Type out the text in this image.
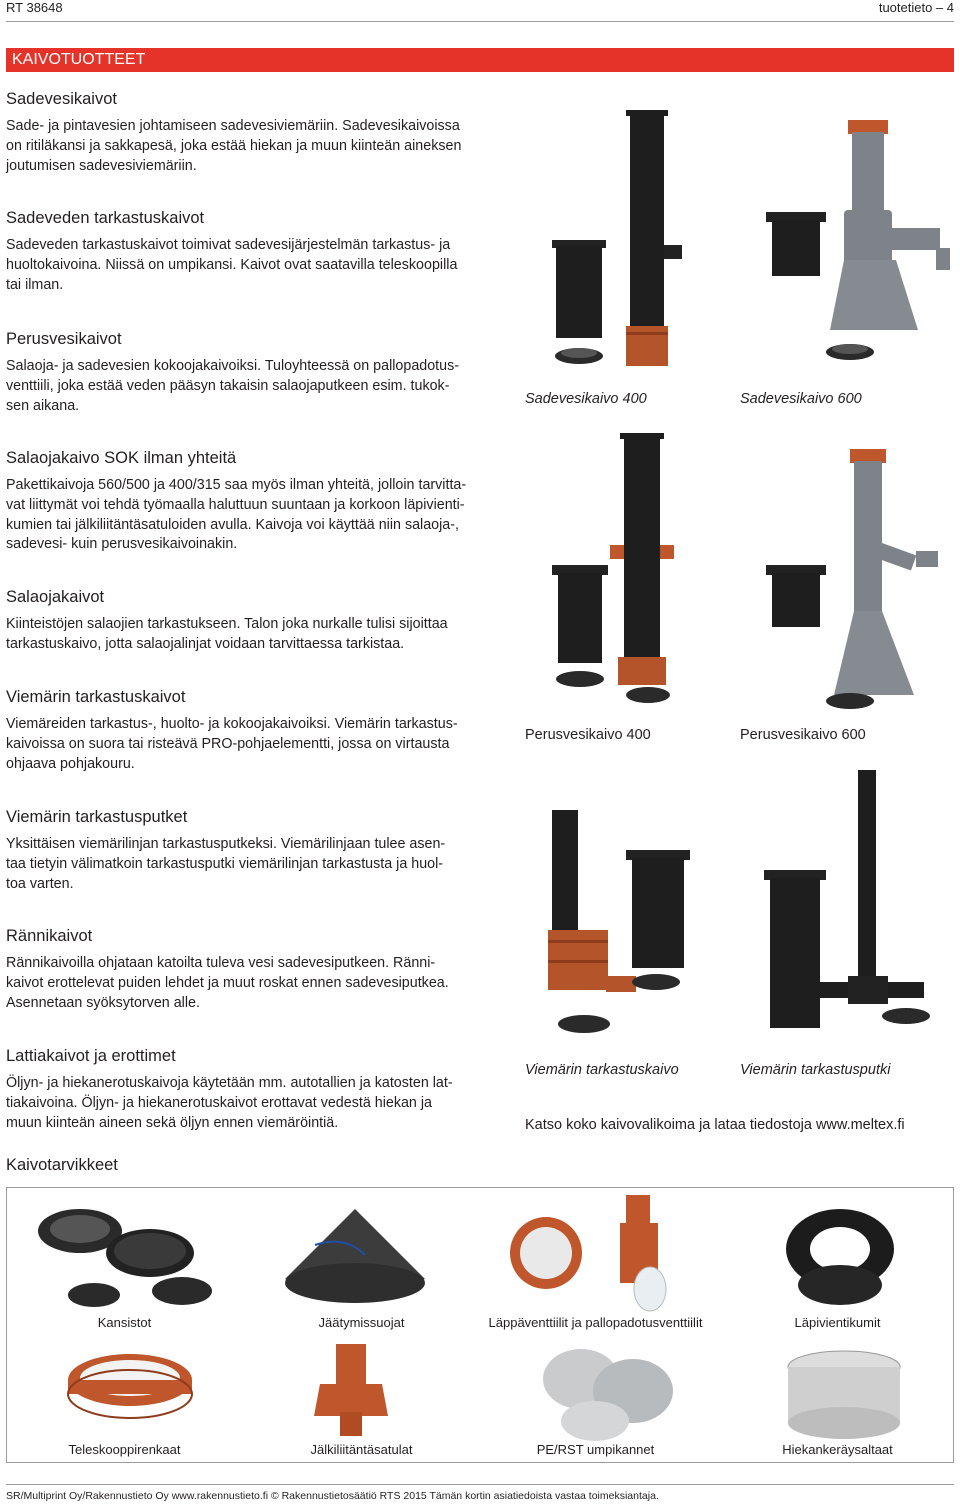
RT 38648	tuotetieto – 4
KAIVOTUOTTEET
Sadevesikaivot
Sade- ja pintavesien johtamiseen sadevesiviemäriin. Sadevesikaivoissa
on ritiläkansi ja sakkapesä, joka estää hiekan ja muun kiinteän aineksen
joutumisen sadevesiviemäriin.
Sadeveden tarkastuskaivot
Sadeveden tarkastuskaivot toimivat sadevesijärjestelmän tarkastus- ja
huoltokaivoina. Niissä on umpikansi. Kaivot ovat saatavilla teleskoopilla
tai ilman.
Perusvesikaivot
Salaoja- ja sadevesien kokoojakaivoiksi. Tuloyhteessä on pallopadotus-
venttiili, joka estää veden pääsyn takaisin salaojaputkeen esim. tukok-
sen aikana.
Salaojakaivo SOK ilman yhteitä
Pakettikaivoja 560/500 ja 400/315 saa myös ilman yhteitä, jolloin tarvitta-
vat liittymät voi tehdä työmaalla haluttuun suuntaan ja korkoon läpivienti-
kumien tai jälkiliitäntäsatuloiden avulla. Kaivoja voi käyttää niin salaoja-,
sadevesi- kuin perusvesikaivoinakin.
Salaojakaivot
Kiinteistöjen salaojien tarkastukseen. Talon joka nurkalle tulisi sijoittaa
tarkastuskaivo, jotta salaojalinjat voidaan tarvittaessa tarkistaa.
Viemärin tarkastuskaivot
Viemäreiden tarkastus-, huolto- ja kokoojakaivoiksi. Viemärin tarkastus-
kaivoissa on suora tai risteävä PRO-pohjaelementti, jossa on virtausta
ohjaava pohjakouru.
Viemärin tarkastusputket
Yksittäisen viemärilinjan tarkastusputkeksi. Viemärilinjaan tulee asen-
taa tietyin välimatkoin tarkastusputki viemärilinjan tarkastusta ja huol-
toa varten.
Rännikaivot
Rännikaivoilla ohjataan katoilta tuleva vesi sadevesiputkeen. Ränni-
kaivot erottelevat puiden lehdet ja muut roskat ennen sadevesiputkea.
Asennetaan syöksytorven alle.
Lattiakaivot ja erottimet
Öljyn- ja hiekanerotuskaivoja käytetään mm. autotallien ja katosten lat-
tiakaivoina. Öljyn- ja hiekanerotuskaivot erottavat vedestä hiekan ja
muun kiinteän aineen sekä öljyn ennen viemäröintiä.
Sadevesikaivo 400	Sadevesikaivo 600
Perusvesikaivo 400	Perusvesikaivo 600
Viemärin tarkastuskaivo	Viemärin tarkastusputki
Katso koko kaivovalikoima ja lataa tiedostoja www.meltex.fi
Kaivotarvikkeet
Kansistot	Jäätymissuojat	Läppäventtiilit ja pallopadotusventtiilit	Läpivientikumit
Teleskooppirenkaat	Jälkiliitäntäsatulat	PE/RST umpikannet	Hiekankeräysaltaat
SR/Multiprint Oy/Rakennustieto Oy www.rakennustieto.fi © Rakennustietosäätiö RTS 2015 Tämän kortin asiatiedoista vastaa toimeksiantaja.
